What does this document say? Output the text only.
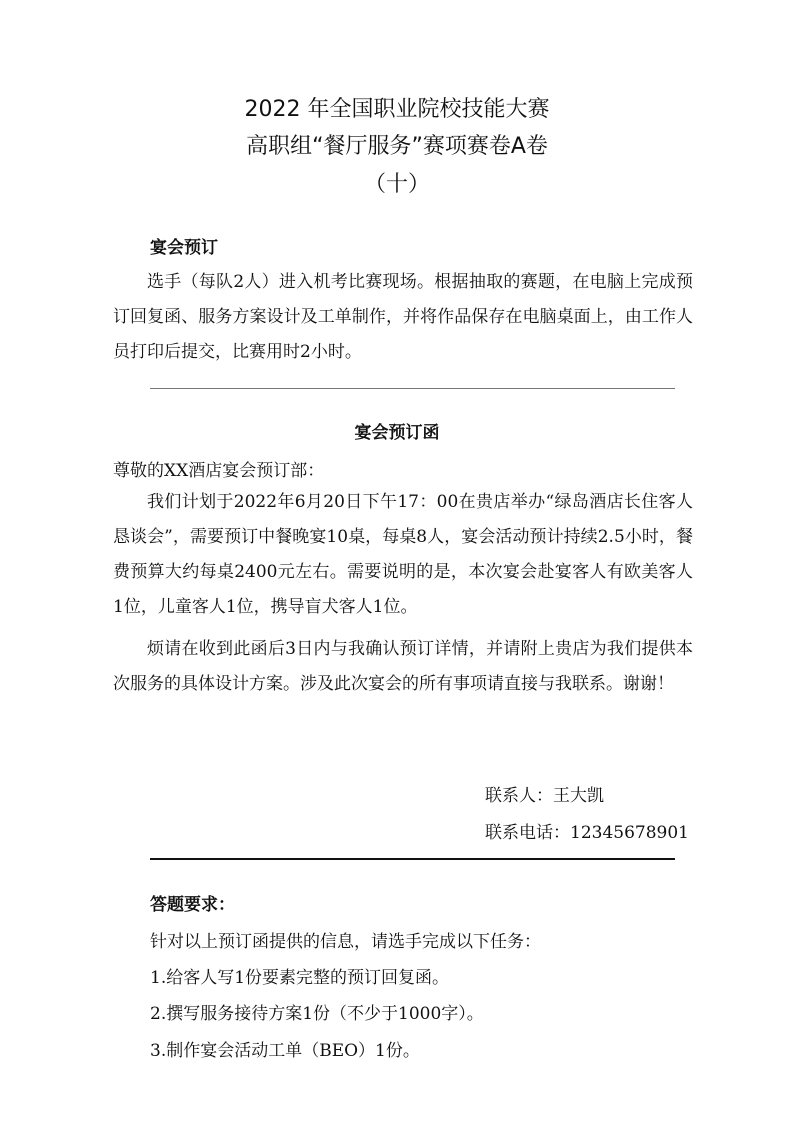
2022 年全国职业院校技能大赛
高职组“餐厅服务”赛项赛卷A卷
（十）

宴会预订

选手（每队2人）进入机考比赛现场。根据抽取的赛题，在电脑上完成预订回复函、服务方案设计及工单制作，并将作品保存在电脑桌面上，由工作人员打印后提交，比赛用时2小时。

宴会预订函

尊敬的XX酒店宴会预订部：

我们计划于2022年6月20日下午17：00在贵店举办“绿岛酒店长住客人恳谈会”，需要预订中餐晚宴10桌，每桌8人，宴会活动预计持续2.5小时，餐费预算大约每桌2400元左右。需要说明的是，本次宴会赴宴客人有欧美客人1位，儿童客人1位，携导盲犬客人1位。

烦请在收到此函后3日内与我确认预订详情，并请附上贵店为我们提供本次服务的具体设计方案。涉及此次宴会的所有事项请直接与我联系。谢谢！

联系人：王大凯

联系电话：12345678901

答题要求：

针对以上预订函提供的信息，请选手完成以下任务：

1.给客人写1份要素完整的预订回复函。

2.撰写服务接待方案1份（不少于1000字）。

3.制作宴会活动工单（BEO）1份。
